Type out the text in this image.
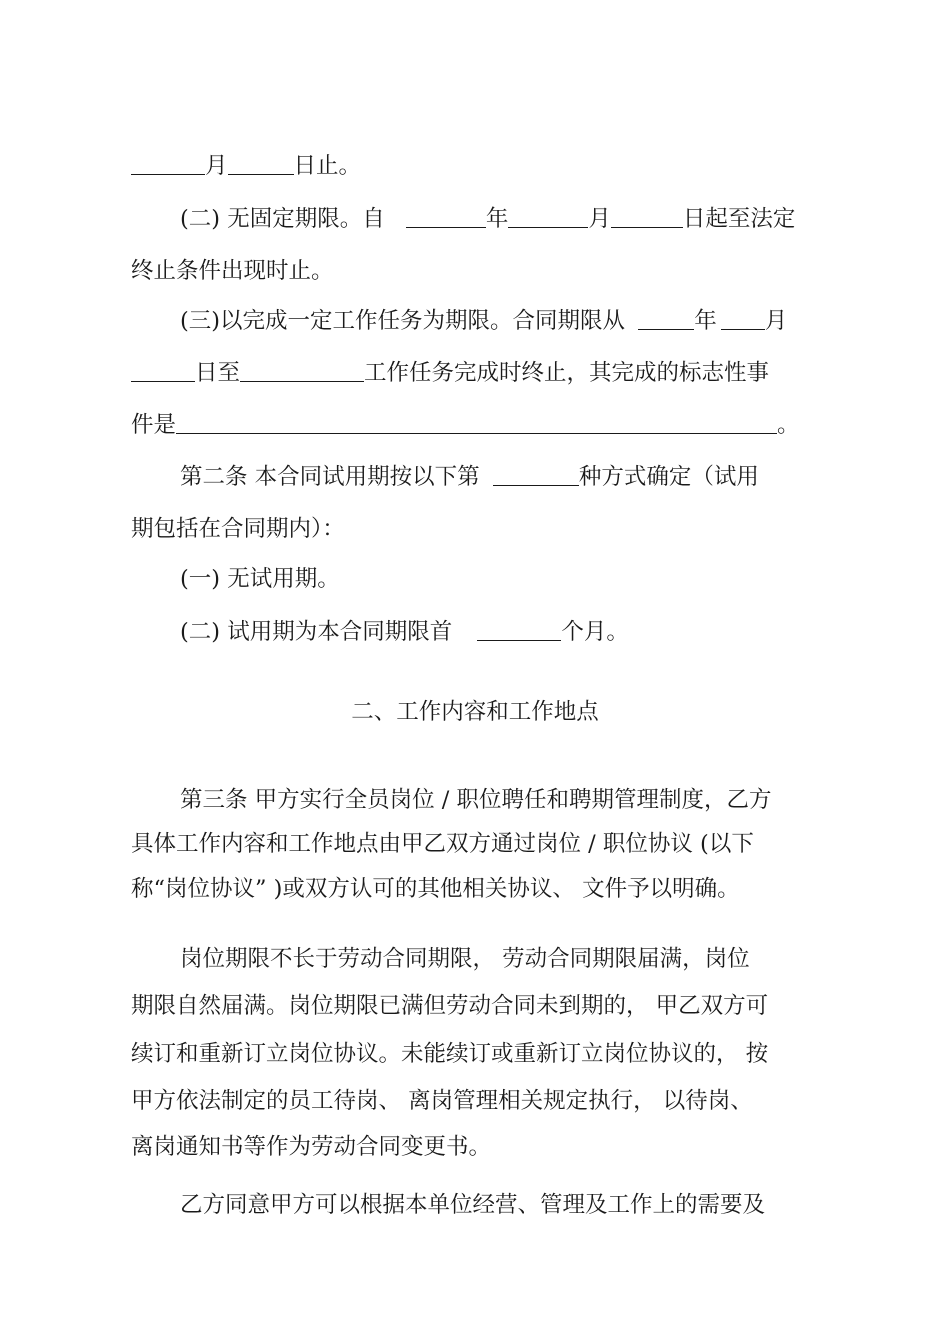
月	日止。
(二) 无固定期限。自	年	月	日起至法定
终止条件出现时止。
(三)以完成一定工作任务为期限。合同期限从	年 月
日至	工作任务完成时终止，其完成的标志性事
件是	。
第二条 本合同试用期按以下第	种方式确定（试用
期包括在合同期内）：
(一) 无试用期。
(二) 试用期为本合同期限首	个月。
二、工作内容和工作地点
第三条 甲方实行全员岗位 / 职位聘任和聘期管理制度，乙方
具体工作内容和工作地点由甲乙双方通过岗位 / 职位协议 (以下
称“岗位协议” )或双方认可的其他相关协议、 文件予以明确。
岗位期限不长于劳动合同期限， 劳动合同期限届满，岗位
期限自然届满。岗位期限已满但劳动合同未到期的， 甲乙双方可
续订和重新订立岗位协议。未能续订或重新订立岗位协议的， 按
甲方依法制定的员工待岗、 离岗管理相关规定执行， 以待岗、
离岗通知书等作为劳动合同变更书。
乙方同意甲方可以根据本单位经营、管理及工作上的需要及
